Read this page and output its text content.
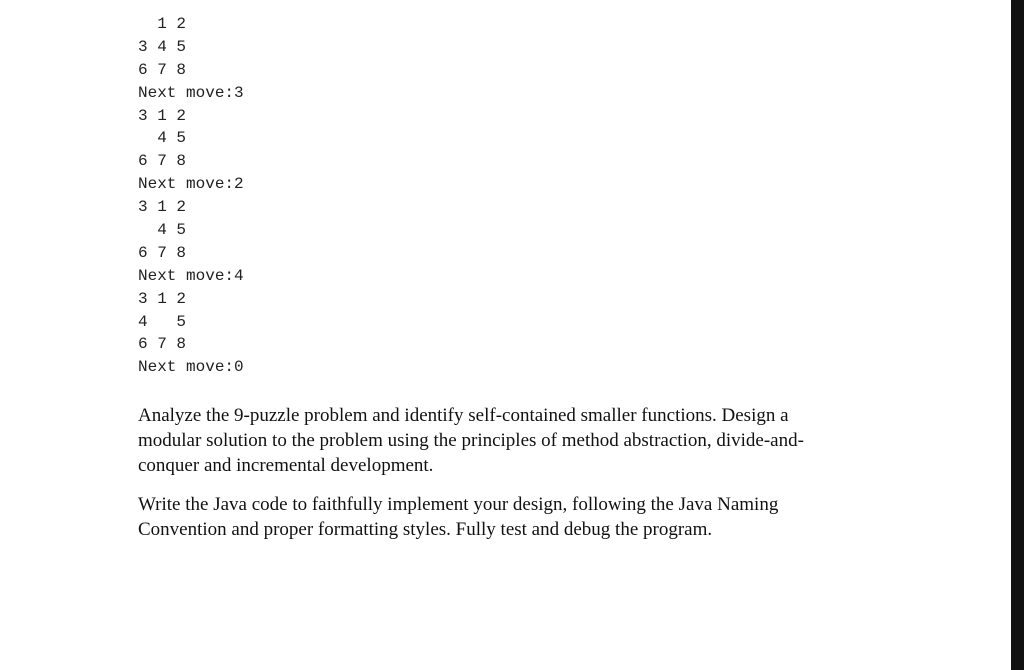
1 2
3 4 5
6 7 8
Next move:3
3 1 2
4 5
6 7 8
Next move:2
3 1 2
4 5
6 7 8
Next move:4
3 1 2
4   5
6 7 8
Next move:0

Analyze the 9-puzzle problem and identify self-contained smaller functions. Design a
modular solution to the problem using the principles of method abstraction, divide-and-
conquer and incremental development.

Write the Java code to faithfully implement your design, following the Java Naming
Convention and proper formatting styles. Fully test and debug the program.
